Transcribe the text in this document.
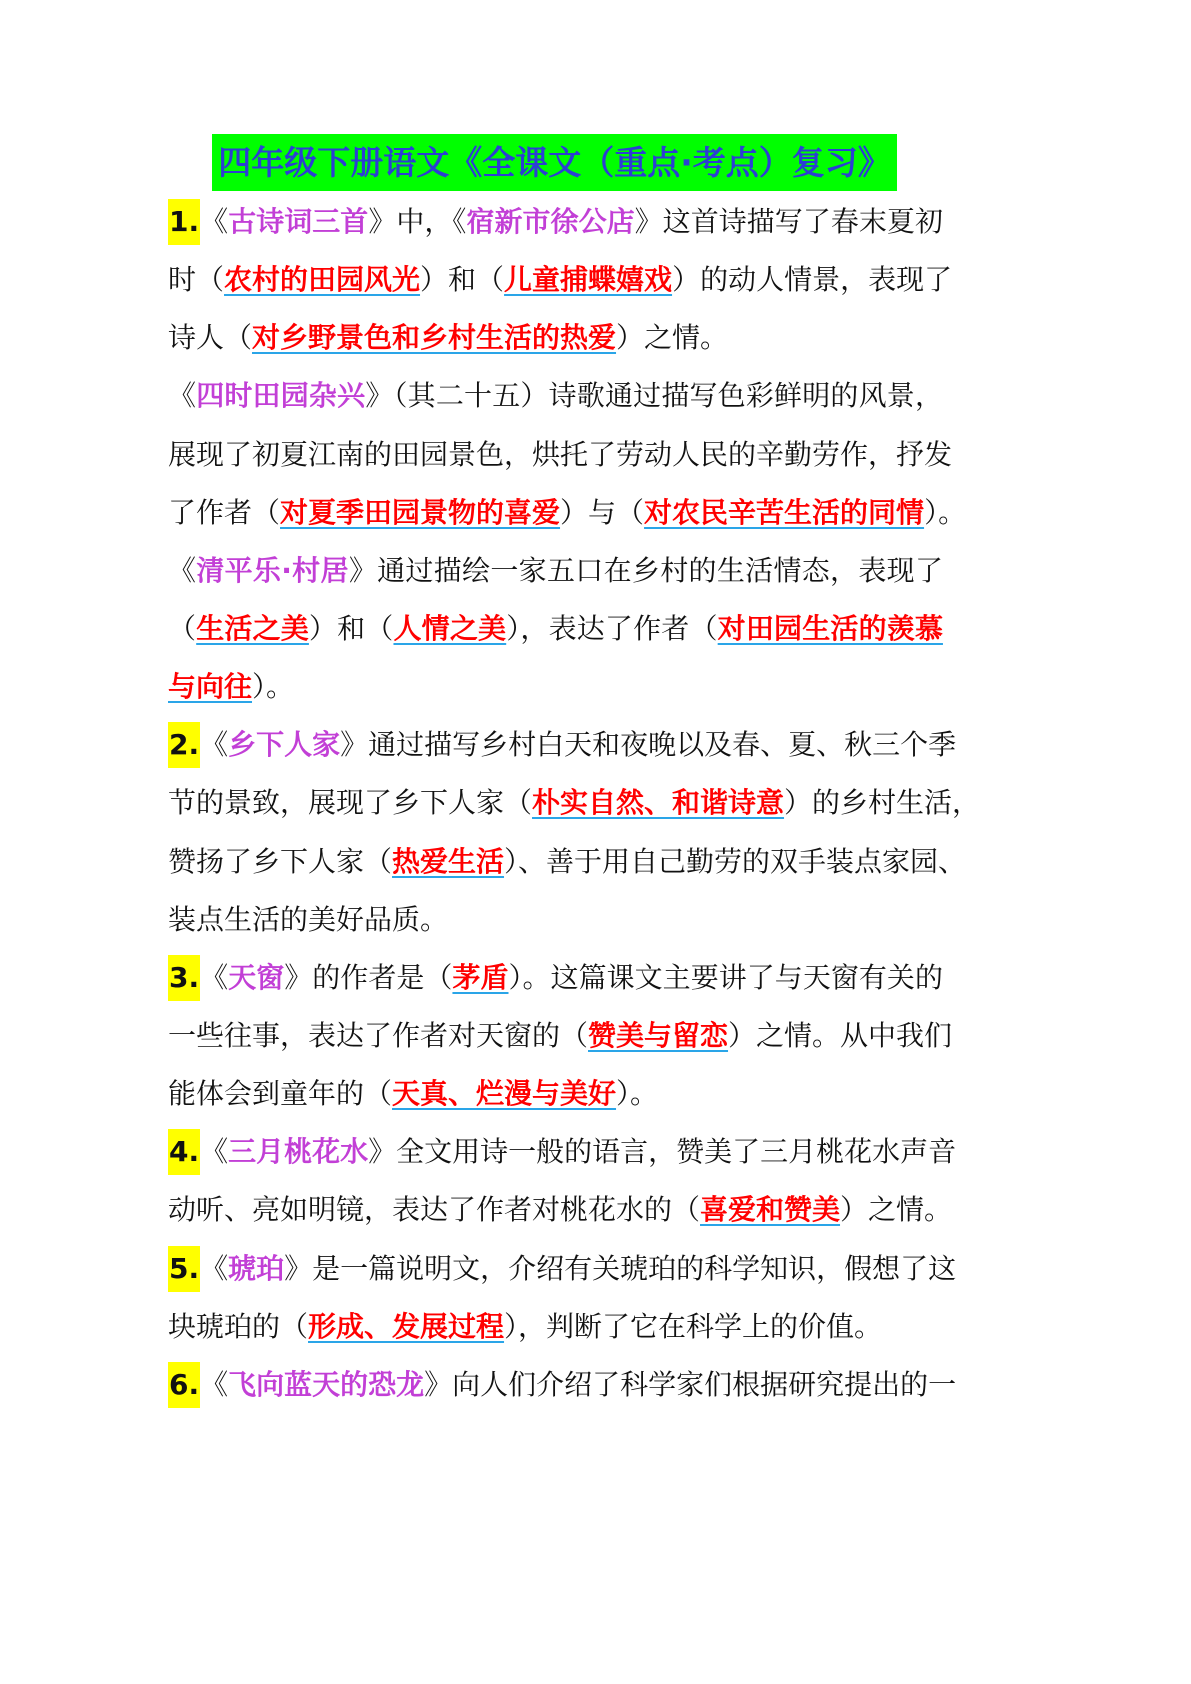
四年级下册语文《全课文（重点·考点）复习》
1.《古诗词三首》中，《宿新市徐公店》这首诗描写了春末夏初
时（农村的田园风光）和（儿童捕蝶嬉戏）的动人情景，表现了
诗人（对乡野景色和乡村生活的热爱）之情。
《四时田园杂兴》（其二十五）诗歌通过描写色彩鲜明的风景，
展现了初夏江南的田园景色，烘托了劳动人民的辛勤劳作，抒发
了作者（对夏季田园景物的喜爱）与（对农民辛苦生活的同情）。
《清平乐·村居》通过描绘一家五口在乡村的生活情态，表现了
（生活之美）和（人情之美），表达了作者（对田园生活的羡慕
与向往）。
2.《乡下人家》通过描写乡村白天和夜晚以及春、夏、秋三个季
节的景致，展现了乡下人家（朴实自然、和谐诗意）的乡村生活，
赞扬了乡下人家（热爱生活）、善于用自己勤劳的双手装点家园、
装点生活的美好品质。
3.《天窗》的作者是（茅盾）。这篇课文主要讲了与天窗有关的
一些往事，表达了作者对天窗的（赞美与留恋）之情。从中我们
能体会到童年的（天真、烂漫与美好）。
4.《三月桃花水》全文用诗一般的语言，赞美了三月桃花水声音
动听、亮如明镜，表达了作者对桃花水的（喜爱和赞美）之情。
5.《琥珀》是一篇说明文，介绍有关琥珀的科学知识，假想了这
块琥珀的（形成、发展过程），判断了它在科学上的价值。
6.《飞向蓝天的恐龙》向人们介绍了科学家们根据研究提出的一
